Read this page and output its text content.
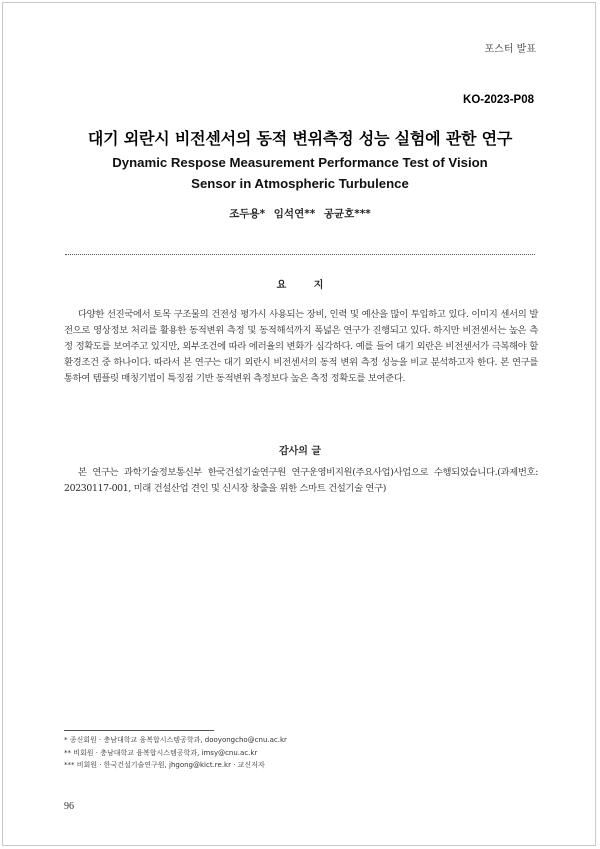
포스터 발표
KO-2023-P08
대기 외란시 비전센서의 동적 변위측정 성능 실험에 관한 연구
Dynamic Respose Measurement Performance Test of Vision
Sensor in Atmospheric Turbulence
조두용* 임석연** 공균호***
요 지
다양한 선진국에서 토목 구조물의 건전성 평가시 사용되는 장비, 인력 및 예산을 많이 투입하고 있다. 이미지 센서의 발전으로 영상정보 처리를 활용한 동적변위 측정 및 동적해석까지 폭넓은 연구가 진행되고 있다. 하지만 비전센서는 높은 측정 정확도를 보여주고 있지만, 외부조건에 따라 에러율의 변화가 심각하다. 예를 들어 대기 외란은 비전센서가 극복해야 할 환경조건 중 하나이다. 따라서 본 연구는 대기 외란시 비전센서의 동적 변위 측정 성능을 비교 분석하고자 한다. 본 연구를 통하여 템플릿 매칭기법이 특징점 기반 동적변위 측정보다 높은 측정 정확도를 보여준다.
감사의 글
본 연구는 과학기술정보통신부 한국건설기술연구원 연구운영비지원(주요사업)사업으로 수행되었습니다.(과제번호: 20230117-001, 미래 건설산업 견인 및 신시장 창출을 위한 스마트 건설기술 연구)
* 종신회원 · 충남대학교 융복합시스템공학과, dooyongcho@cnu.ac.kr
** 비회원 · 충남대학교 융복합시스템공학과, imsy@cnu.ac.kr
*** 비회원 · 한국건설기술연구원, jhgong@kict.re.kr · 교신저자
96
